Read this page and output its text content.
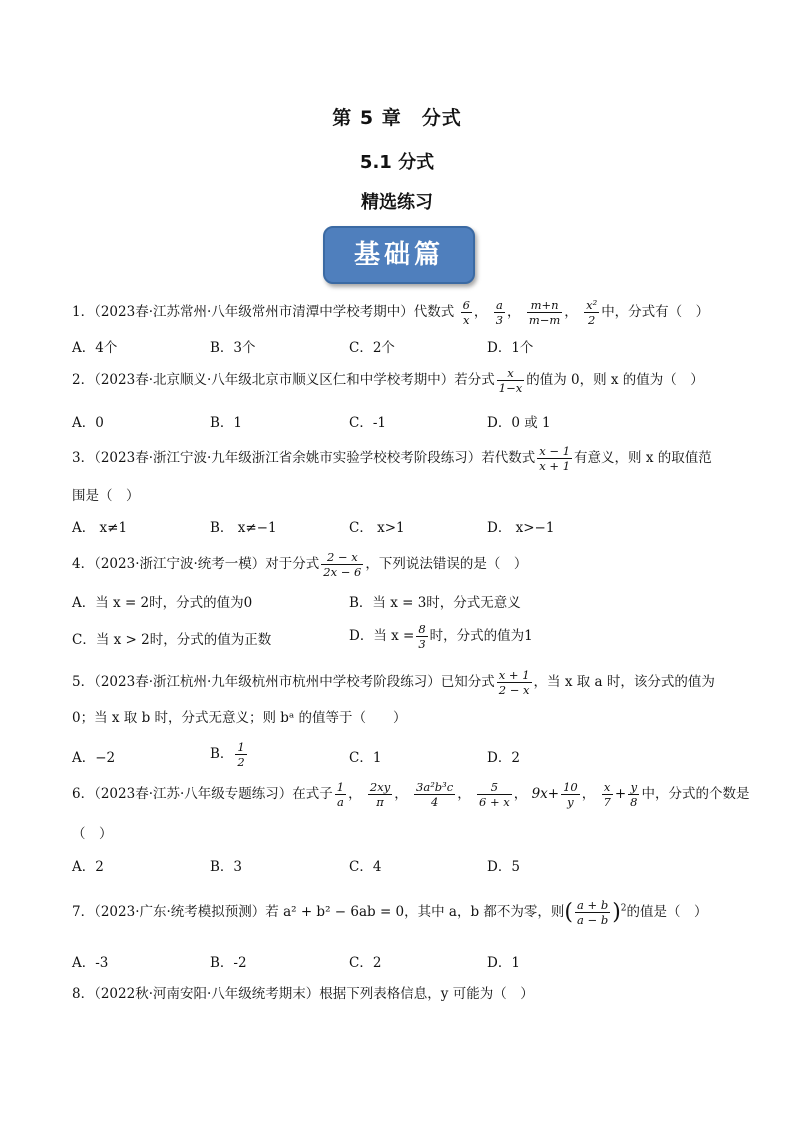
第 5 章　分式
5.1 分式
精选练习
基础篇
1．（2023春·江苏常州·八年级常州市清潭中学校考期中）代数式 $\frac{6}{x}$ ， $\frac{a}{3}$ ， $\frac{m+n}{m-m}$ ， $\frac{\text{x²}}{2}$ 中，分式有（　）
A．4个	B．3个	C．2个	D．1个
2．（2023春·北京顺义·八年级北京市顺义区仁和中学校考期中）若分式 $\frac{x}{1-x}$ 的值为 0，则 x 的值为（　）
A．0	B．1	C．-1	D．0 或 1
3．（2023春·浙江宁波·九年级浙江省余姚市实验学校校考阶段练习）若代数式 $\frac{x - 1}{x + 1}$ 有意义，则 x 的取值范
围是（　）
A． x≠1	B． x≠−1	C． x>1	D． x>−1
4．（2023·浙江宁波·统考一模）对于分式 $\frac{2 - x}{2x - 6}$ ，下列说法错误的是（　）
A．当 x = 2时，分式的值为0	B．当 x = 3时，分式无意义
C．当 x > 2时，分式的值为正数	D．当 $x = \frac{8}{3}$ 时，分式的值为1
5．（2023春·浙江杭州·九年级杭州市杭州中学校考阶段练习）已知分式 $\frac{x + 1}{2 - x}$ ，当 x 取 a 时，该分式的值为
0；当 x 取 b 时，分式无意义；则 bᵃ 的值等于（　　）
A．−2	B． $\frac{1}{2}$	C．1	D．2
6．（2023春·江苏·八年级专题练习）在式子 $\frac{1}{a}$ ， $\frac{2xy}{\pi}$ ， $\frac{\text{3a²b³c}}{4}$ ， $\frac{5}{6 + x}$ ， $9x+ \frac{10}{y}$ ， $\frac{x}{7} + \frac{y}{8}$ 中，分式的个数是
（　）
A．2	B．3	C．4	D．5
7．（2023·广东·统考模拟预测）若 a² + b² − 6ab = 0，其中 a，b 都不为零，则( $\frac{a + b}{a - b} )^2$的值是（　）
A．-3	B．-2	C．2	D．1
8．（2022秋·河南安阳·八年级统考期末）根据下列表格信息，y 可能为（　）
